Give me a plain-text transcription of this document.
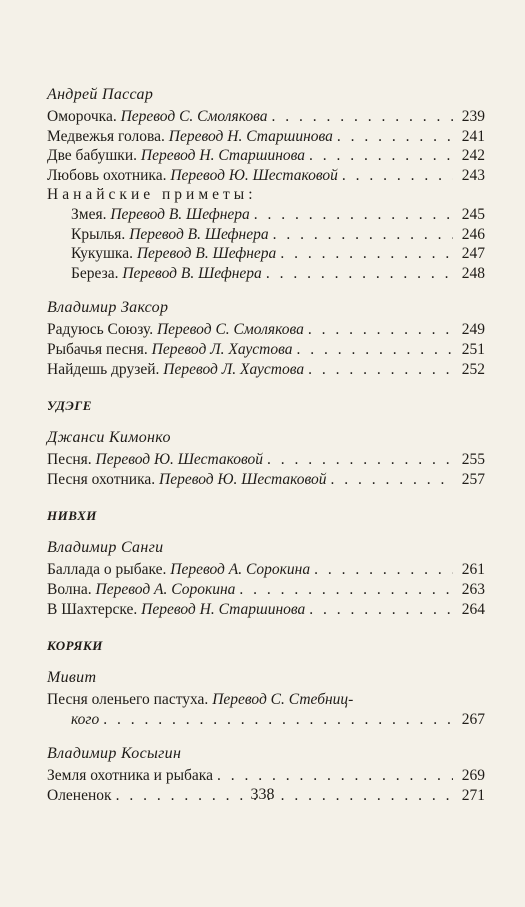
Андрей Пассар
Оморочка. Перевод С. Смолякова . . .	239
Медвежья голова. Перевод Н. Старшинова . . .	241
Две бабушки. Перевод Н. Старшинова . . .	242
Любовь охотника. Перевод Ю. Шестаковой . . .	243
Нанайские приметы:
Змея. Перевод В. Шефнера . . .	245
Крылья. Перевод В. Шефнера . . .	246
Кукушка. Перевод В. Шефнера . . .	247
Береза. Перевод В. Шефнера . . .	248
Владимир Заксор
Радуюсь Союзу. Перевод С. Смолякова . . .	249
Рыбачья песня. Перевод Л. Хаустова . . .	251
Найдешь друзей. Перевод Л. Хаустова . . .	252
УДЭГЕ
Джанси Кимонко
Песня. Перевод Ю. Шестаковой . . .	255
Песня охотника. Перевод Ю. Шестаковой . . .	257
НИВХИ
Владимир Санги
Баллада о рыбаке. Перевод А. Сорокина . . .	261
Волна. Перевод А. Сорокина . . .	263
В Шахтерске. Перевод Н. Старшинова . . .	264
КОРЯКИ
Мивит
Песня оленьего пастуха. Перевод С. Стебниц-
кого . . .	267
Владимир Косыгин
Земля охотника и рыбака . . .	269
Олененок . . .	271
338
